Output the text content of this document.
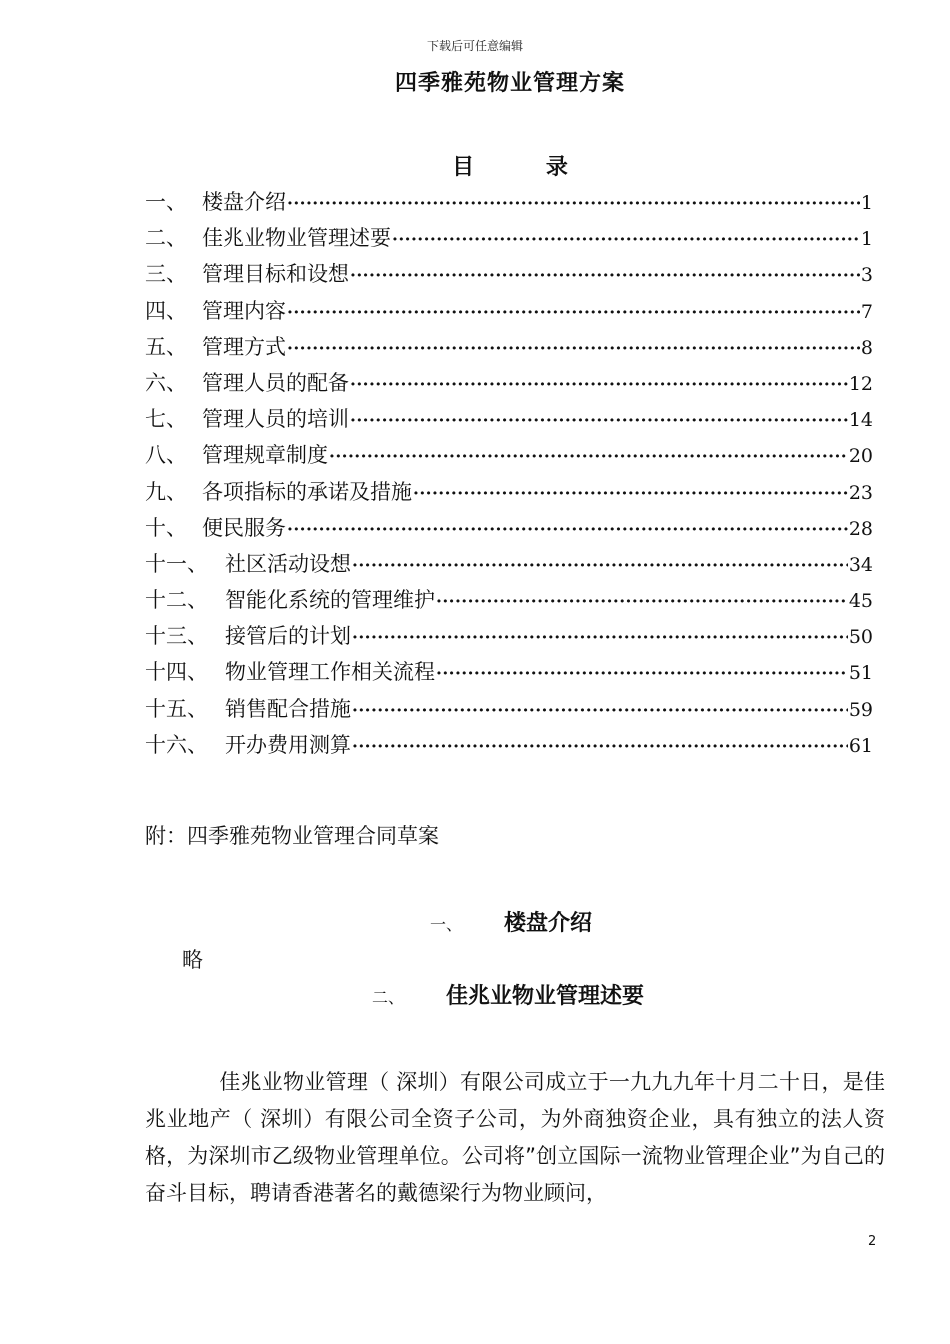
下载后可任意编辑
四季雅苑物业管理方案
目	录
一、 楼盘介绍 ·····	1
二、 佳兆业物业管理述要 ·····	1
三、 管理目标和设想 ·····	3
四、 管理内容 ·····	7
五、 管理方式 ·····	8
六、 管理人员的配备 ·····	12
七、 管理人员的培训 ·····	14
八、 管理规章制度 ·····	20
九、 各项指标的承诺及措施 ·····	23
十、 便民服务 ·····	28
十一、 社区活动设想 ·····	34
十二、 智能化系统的管理维护 ·····	45
十三、 接管后的计划 ·····	50
十四、 物业管理工作相关流程 ·····	51
十五、 销售配合措施 ·····	59
十六、 开办费用测算 ·····	61
附：四季雅苑物业管理合同草案
一、 楼盘介绍
略
二、 佳兆业物业管理述要
佳兆业物业管理（ 深圳）有限公司成立于一九九九年十月二十日，是佳兆业地产（ 深圳）有限公司全资子公司，为外商独资企业，具有独立的法人资格，为深圳市乙级物业管理单位。公司将”创立国际一流物业管理企业”为自己的奋斗目标，聘请香港著名的戴德梁行为物业顾问，
2
